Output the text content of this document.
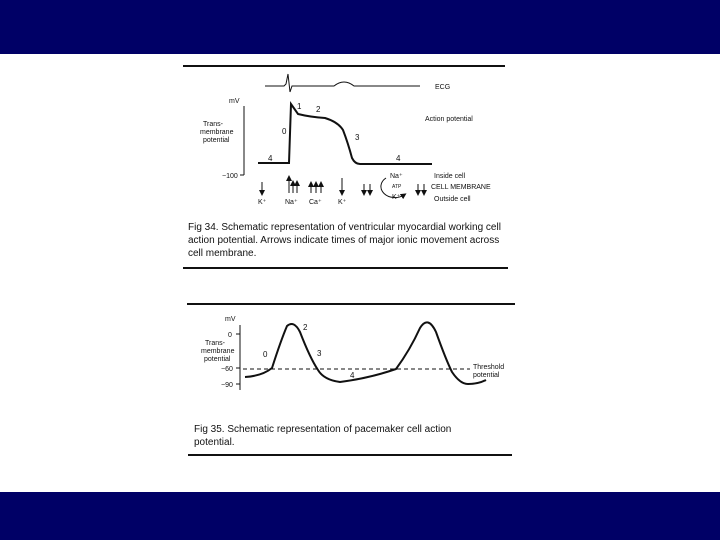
ECG
mV
−100
Trans-
membrane
potential
Action potential
0
1 2
3
4	4
K⁺	Na⁺ Ca⁺ K⁺
Na⁺
ATP
K⁺
Inside cell
CELL MEMBRANE
Outside cell
Fig 34. Schematic representation of ventricular myocardial working cell
action potential. Arrows indicate times of major ionic movement across
cell membrane.
mV
0
−60
−90
Trans-
membrane
potential
Threshold
potential
0
2
3
4
Fig 35. Schematic representation of pacemaker cell action
potential.
